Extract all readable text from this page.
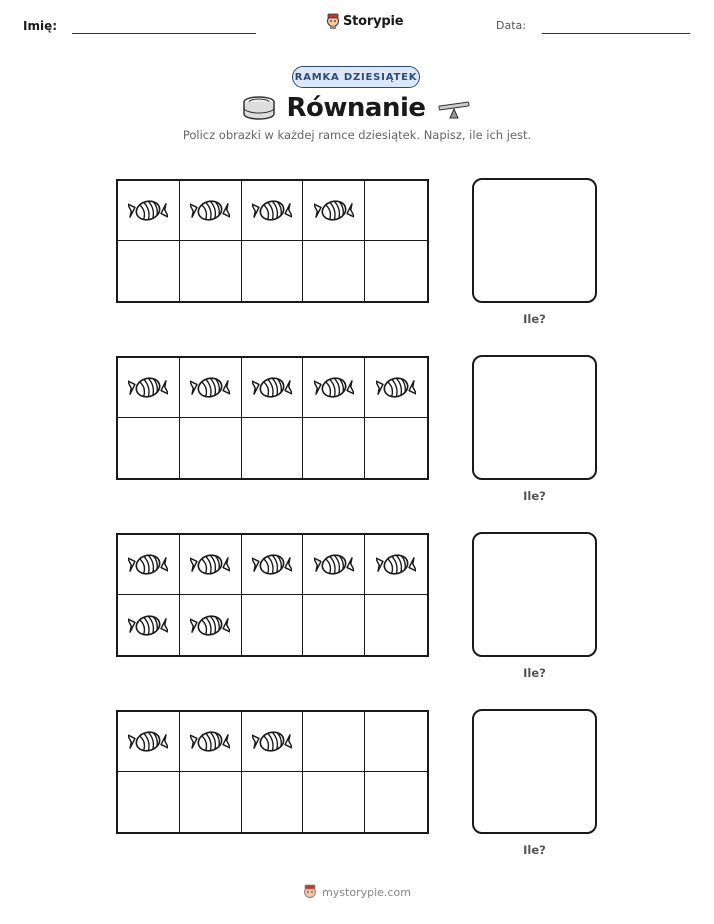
Imię:	Storypie	Data:
RAMKA DZIESIĄTEK
Równanie
Policz obrazki w każdej ramce dziesiątek. Napisz, ile ich jest.
Ile?
Ile?
Ile?
Ile?
mystorypie.com
